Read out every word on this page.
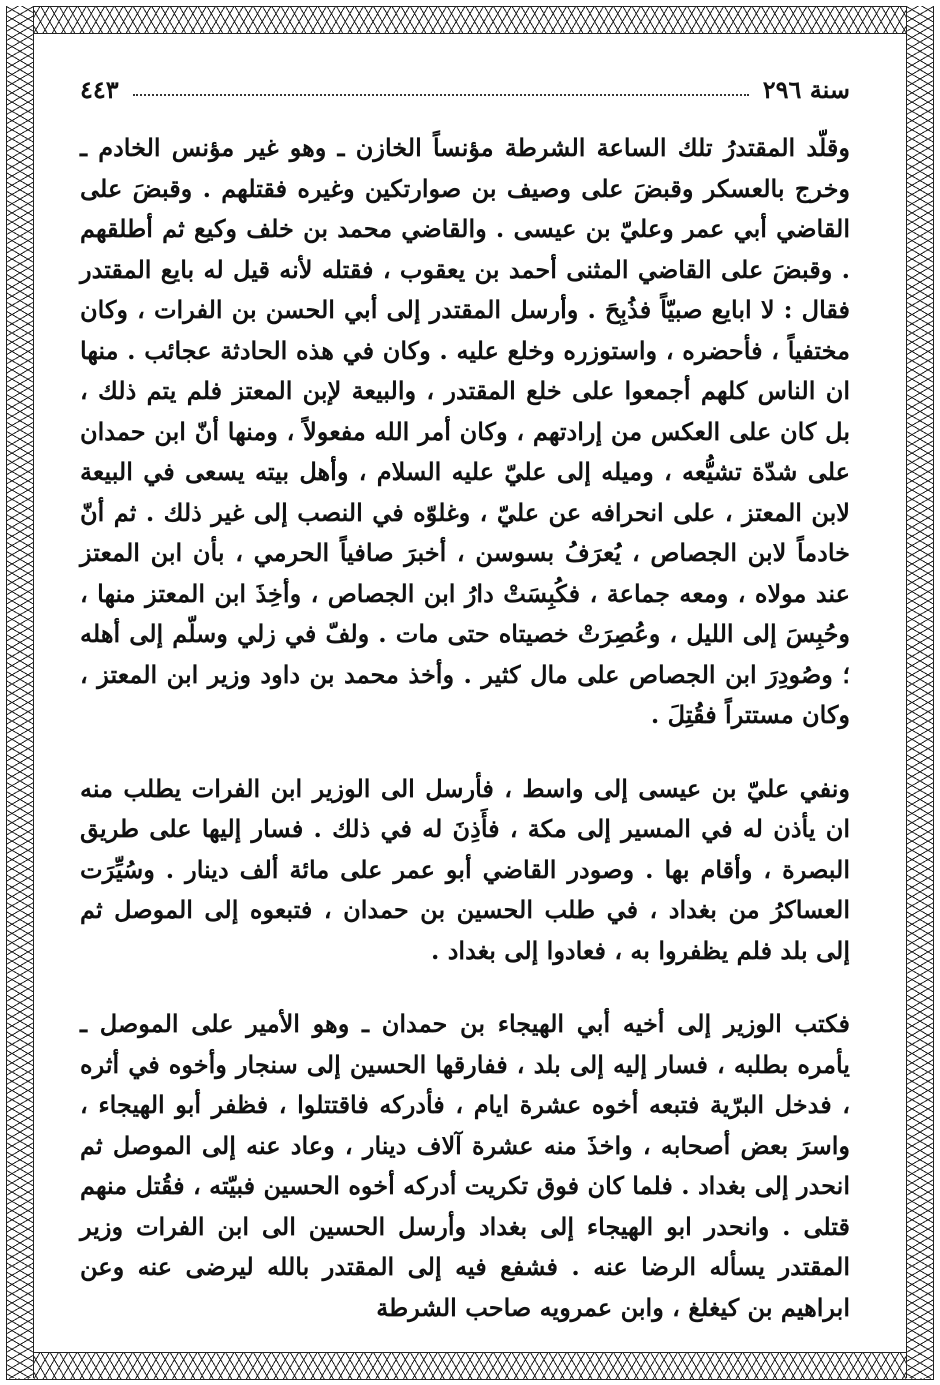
سنة ٢٩٦
٤٤٣

وقلّد المقتدرُ تلك الساعة الشرطة مؤنساً الخازن ـ وهو غير مؤنس الخادم ـ وخرج بالعسكر وقبضَ على وصيف بن صوارتكين وغيره فقتلهم . وقبضَ على القاضي أبي عمر وعليّ بن عيسى . والقاضي محمد بن خلف وكيع ثم أطلقهم . وقبضَ على القاضي المثنى أحمد بن يعقوب ، فقتله لأنه قيل له بايع المقتدر فقال : لا ابايع صبيّاً فذُبِحَ . وأرسل المقتدر إلى أبي الحسن بن الفرات ، وكان مختفياً ، فأحضره ، واستوزره وخلع عليه . وكان في هذه الحادثة عجائب . منها ان الناس كلهم أجمعوا على خلع المقتدر ، والبيعة لإبن المعتز فلم يتم ذلك ، بل كان على العكس من إرادتهم ، وكان أمر الله مفعولاً ، ومنها أنّ ابن حمدان على شدّة تشيُّعه ، وميله إلى عليّ عليه السلام ، وأهل بيته يسعى في البيعة لابن المعتز ، على انحرافه عن عليّ ، وغلوّه في النصب إلى غير ذلك . ثم أنّ خادماً لابن الجصاص ، يُعرَفُ بسوسن ، أخبرَ صافياً الحرمي ، بأن ابن المعتز عند مولاه ، ومعه جماعة ، فكُبِسَتْ دارُ ابن الجصاص ، وأخِذَ ابن المعتز منها ، وحُبِسَ إلى الليل ، وعُصِرَتْ خصيتاه حتى مات . ولفّ في زلي وسلّم إلى أهله ؛ وصُودِرَ ابن الجصاص على مال كثير . وأخذ محمد بن داود وزير ابن المعتز ، وكان مستتراً فقُتِلَ .

ونفي عليّ بن عيسى إلى واسط ، فأرسل الى الوزير ابن الفرات يطلب منه ان يأذن له في المسير إلى مكة ، فأَذِنَ له في ذلك . فسار إليها على طريق البصرة ، وأقام بها . وصودر القاضي أبو عمر على مائة ألف دينار . وسُيِّرَت العساكرُ من بغداد ، في طلب الحسين بن حمدان ، فتبعوه إلى الموصل ثم إلى بلد فلم يظفروا به ، فعادوا إلى بغداد .

فكتب الوزير إلى أخيه أبي الهيجاء بن حمدان ـ وهو الأمير على الموصل ـ يأمره بطلبه ، فسار إليه إلى بلد ، ففارقها الحسين إلى سنجار وأخوه في أثره ، فدخل البرّية فتبعه أخوه عشرة ايام ، فأدركه فاقتتلوا ، فظفر أبو الهيجاء ، واسرَ بعض أصحابه ، واخذَ منه عشرة آلاف دينار ، وعاد عنه إلى الموصل ثم انحدر إلى بغداد . فلما كان فوق تكريت أدركه أخوه الحسين فبيّته ، فقُتل منهم قتلى . وانحدر ابو الهيجاء إلى بغداد وأرسل الحسين الى ابن الفرات وزير المقتدر يسأله الرضا عنه . فشفع فيه إلى المقتدر بالله ليرضى عنه وعن ابراهيم بن كيغلغ ، وابن عمرويه صاحب الشرطة
